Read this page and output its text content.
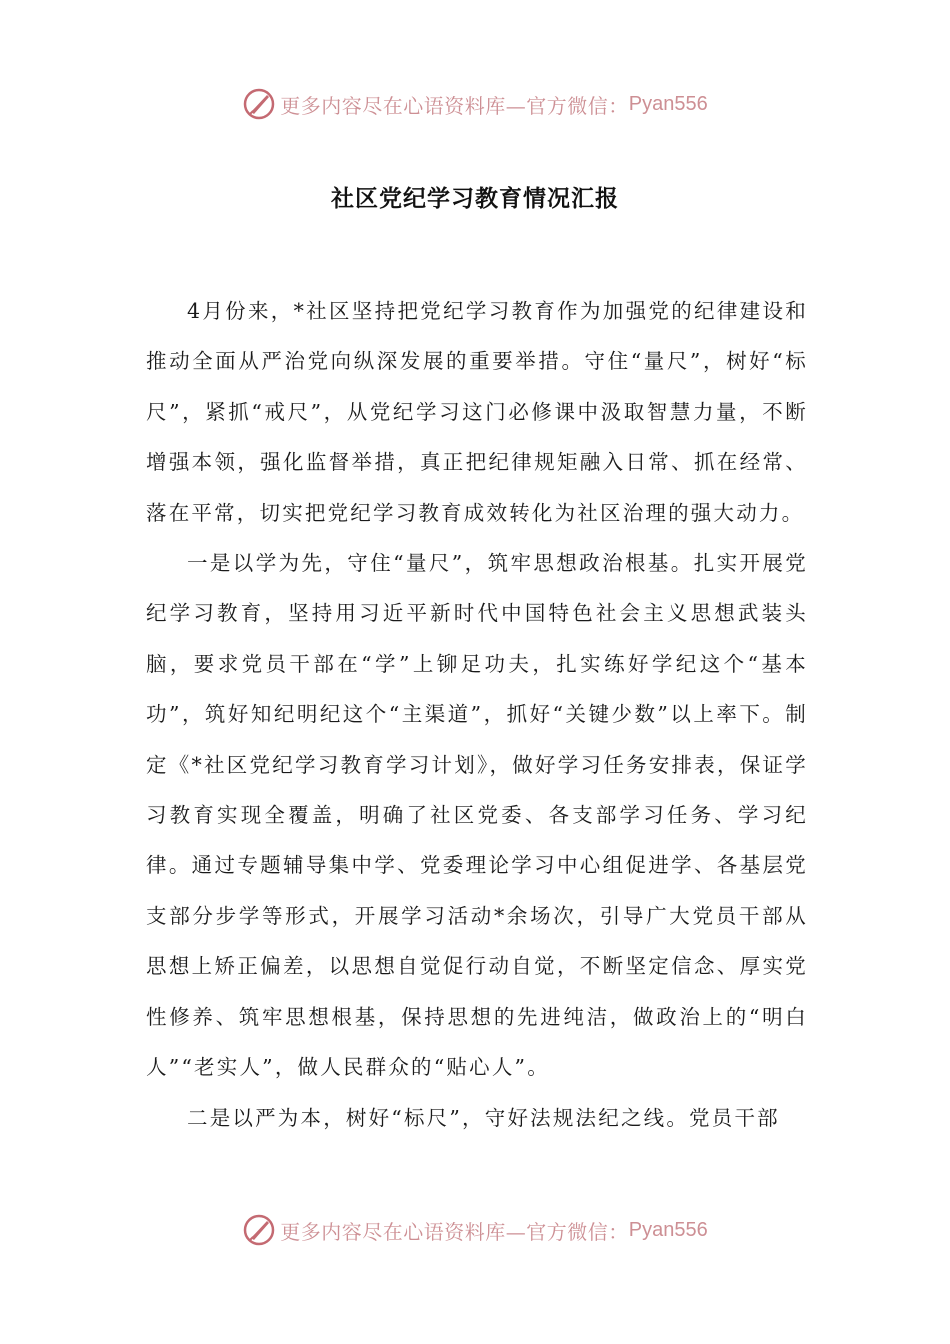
更多内容尽在心语资料库—官方微信： Pyan556
社区党纪学习教育情况汇报

4月份来，*社区坚持把党纪学习教育作为加强党的纪律建设和推动全面从严治党向纵深发展的重要举措。守住“量尺”，树好“标尺”，紧抓“戒尺”，从党纪学习这门必修课中汲取智慧力量，不断增强本领，强化监督举措，真正把纪律规矩融入日常、抓在经常、落在平常，切实把党纪学习教育成效转化为社区治理的强大动力。

一是以学为先，守住“量尺”，筑牢思想政治根基。扎实开展党纪学习教育，坚持用习近平新时代中国特色社会主义思想武装头脑，要求党员干部在“学”上铆足功夫，扎实练好学纪这个“基本功”，筑好知纪明纪这个“主渠道”，抓好“关键少数”以上率下。制定《*社区党纪学习教育学习计划》，做好学习任务安排表，保证学习教育实现全覆盖，明确了社区党委、各支部学习任务、学习纪律。通过专题辅导集中学、党委理论学习中心组促进学、各基层党支部分步学等形式，开展学习活动*余场次，引导广大党员干部从思想上矫正偏差，以思想自觉促行动自觉，不断坚定信念、厚实党性修养、筑牢思想根基，保持思想的先进纯洁，做政治上的“明白人”“老实人”，做人民群众的“贴心人”。

二是以严为本，树好“标尺”，守好法规法纪之线。党员干部

更多内容尽在心语资料库—官方微信： Pyan556
